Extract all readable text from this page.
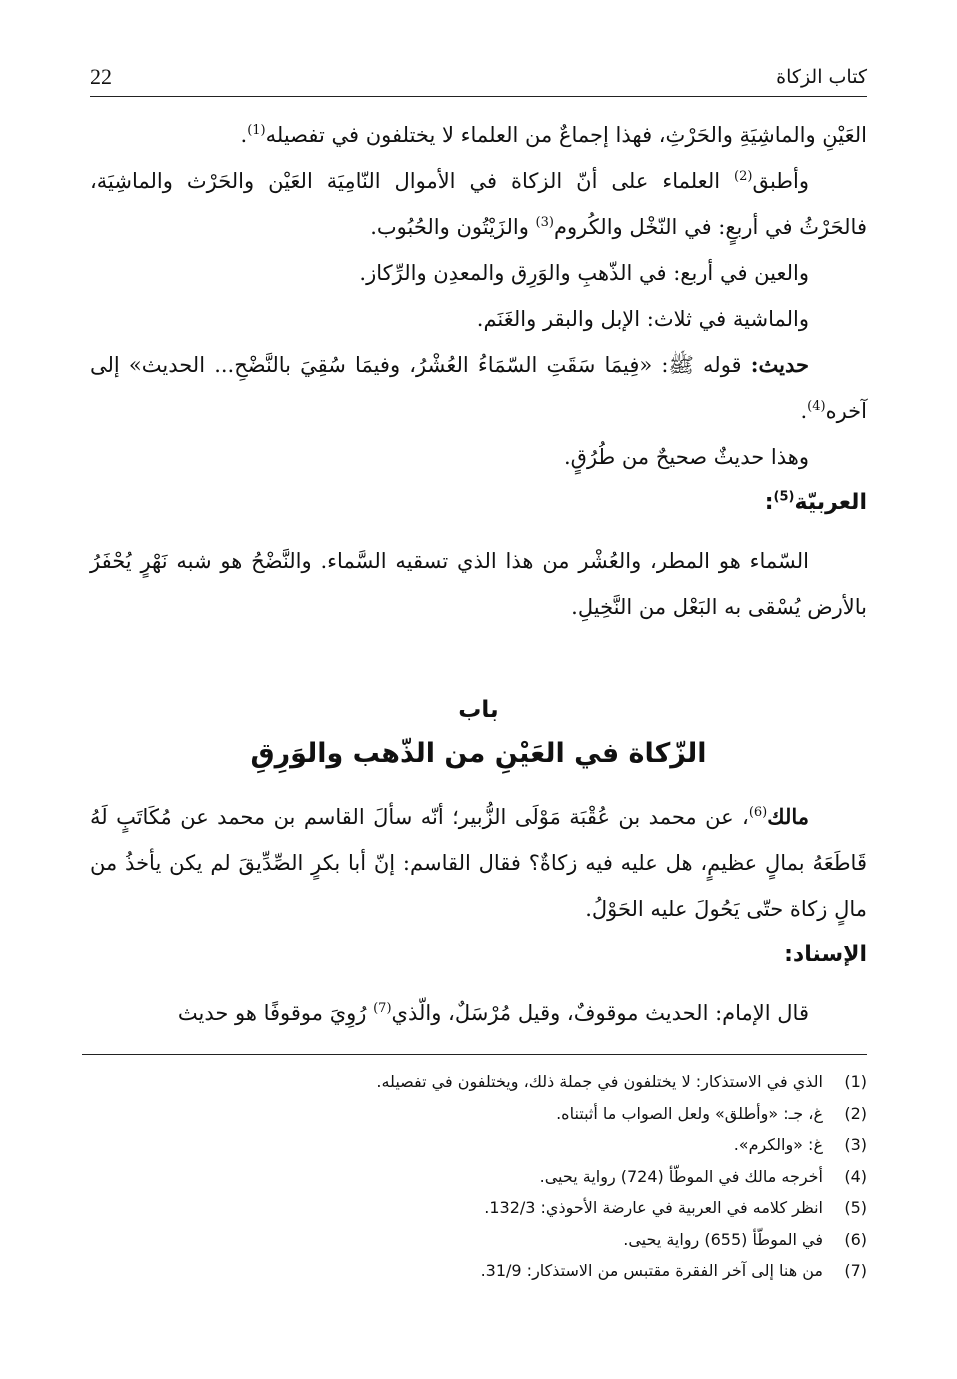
22	كتاب الزكاة

العَيْنِ والماشِيَةِ والحَرْثِ، فهذا إجماعٌ من العلماء لا يختلفون في تفصيله$^{(1)}$.

وأطبق$^{(2)}$ العلماء على أنّ الزكاة في الأموال النّامِيَة العَيْن والحَرْث والماشِيَة، فالحَرْثُ في أربعٍ: في النّخْل والكُروم$^{(3)}$ والزَيْتُون والحُبُوب.

والعين في أربع: في الذّهبِ والوَرِق والمعدِن والرِّكاز.

والماشية في ثلاث: الإبل والبقر والغَنَم.

حديث: قوله ﷺ: «فِيمَا سَقَتِ السّمَاءُ العُشْرُ، وفيمَا سُقِيَ بالنَّضْحِ... الحديث» إلى آخره$^{(4)}$.

وهذا حديثٌ صحيحٌ من طُرُقٍ.

العربيّة$^{(5)}$:

السّماء هو المطر، والعُشْر من هذا الذي تسقيه السَّماء. والنَّضْحُ هو شبه نَهْرٍ يُحْفَرُ بالأرض يُسْقى به البَعْل من النَّخِيلِ.

باب
الزّكاة في العَيْنِ من الذّهب والوَرِقِ

مالك$^{(6)}$، عن محمد بن عُقْبَة مَوْلَى الزُّبير؛ أنّه سألَ القاسم بن محمد عن مُكَاتَبٍ لَهُ قَاطَعَهُ بمالٍ عظيمٍ، هل عليه فيه زكاةٌ؟ فقال القاسم: إنّ أبا بكرٍ الصِّدِّيقَ لم يكن يأخذُ من مالٍ زكاة حتّى يَحُولَ عليه الحَوْلُ.

الإسناد:

قال الإمام: الحديث موقوفٌ، وقيل مُرْسَلٌ، والّذي$^{(7)}$ رُوِيَ موقوفًا هو حديث

(1)
الذي في الاستذكار: لا يختلفون في جملة ذلك، ويختلفون في تفصيله.
(2)
غ، جـ: «وأطلق» ولعل الصواب ما أثبتناه.
(3)
غ: «والكرم».
(4)
أخرجه مالك في الموطّأ (724) رواية يحيى.
(5)
انظر كلامه في العربية في عارضة الأحوذي: 132/3.
(6)
في الموطّأ (655) رواية يحيى.
(7)
من هنا إلى آخر الفقرة مقتبس من الاستذكار: 31/9.
